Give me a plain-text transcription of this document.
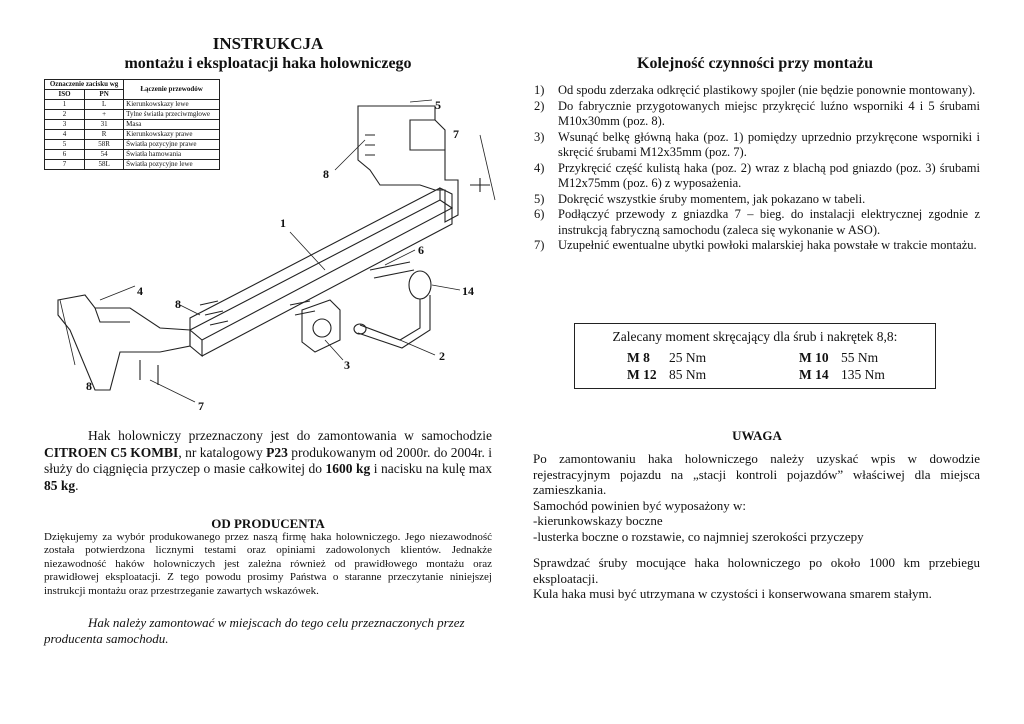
INSTRUKCJA
montażu i eksploatacji haka holowniczego
Oznaczenie zacisku wg		Łączenie przewodów
ISO	PN	
1	L	Kierunkowskazy lewe
2	+	Tylne światła przeciwmgłowe
3	31	Masa
4	R	Kierunkowskazy prawe
5	58R	Światła pozycyjne prawe
6	54	Światła hamowania
7	58L	Światła pozycyjne lewe
1
2
3
4
5
6
7
7
8
8
8
14
Kolejność czynności przy montażu
1)	Od spodu zderzaka odkręcić plastikowy spojler (nie będzie ponownie montowany).
2)	Do fabrycznie przygotowanych miejsc przykręcić luźno wsporniki 4 i 5 śrubami M10x30mm (poz. 8).
3)	Wsunąć belkę główną haka (poz. 1) pomiędzy uprzednio przykręcone wsporniki i skręcić śrubami M12x35mm (poz. 7).
4)	Przykręcić część kulistą haka (poz. 2) wraz z blachą pod gniazdo (poz. 3) śrubami M12x75mm (poz. 6) z wyposażenia.
5)	Dokręcić wszystkie śruby momentem, jak pokazano w tabeli.
6)	Podłączyć przewody z gniazdka 7 – bieg. do instalacji elektrycznej zgodnie z instrukcją fabryczną samochodu (zaleca się wykonanie w ASO).
7)	Uzupełnić ewentualne ubytki powłoki malarskiej haka powstałe w trakcie montażu.
Zalecany moment skręcający dla śrub i nakrętek 8,8:
M 8 25 Nm	M 10 55 Nm
M 12 85 Nm	M 14 135 Nm
Hak holowniczy przeznaczony jest do zamontowania w samochodzie CITROEN C5 KOMBI, nr katalogowy P23 produkowanym od 2000r. do 2004r. i służy do ciągnięcia przyczep o masie całkowitej do 1600 kg i nacisku na kulę max 85 kg.
OD PRODUCENTA
Dziękujemy za wybór produkowanego przez naszą firmę haka holowniczego. Jego niezawodność została potwierdzona licznymi testami oraz opiniami zadowolonych klientów. Jednakże niezawodność haków holowniczych jest zależna również od prawidłowego montażu oraz prawidłowej eksploatacji. Z tego powodu prosimy Państwa o staranne przeczytanie niniejszej instrukcji montażu oraz przestrzeganie zawartych wskazówek.
Hak należy zamontować w miejscach do tego celu przeznaczonych przez producenta samochodu.
UWAGA
Po zamontowaniu haka holowniczego należy uzyskać wpis w dowodzie rejestracyjnym pojazdu na „stacji kontroli pojazdów” właściwej dla miejsca zamieszkania.
Samochód powinien być wyposażony w:
-kierunkowskazy boczne
-lusterka boczne o rozstawie, co najmniej szerokości przyczepy
Sprawdzać śruby mocujące haka holowniczego po około 1000 km przebiegu eksploatacji.
Kula haka musi być utrzymana w czystości i konserwowana smarem stałym.
